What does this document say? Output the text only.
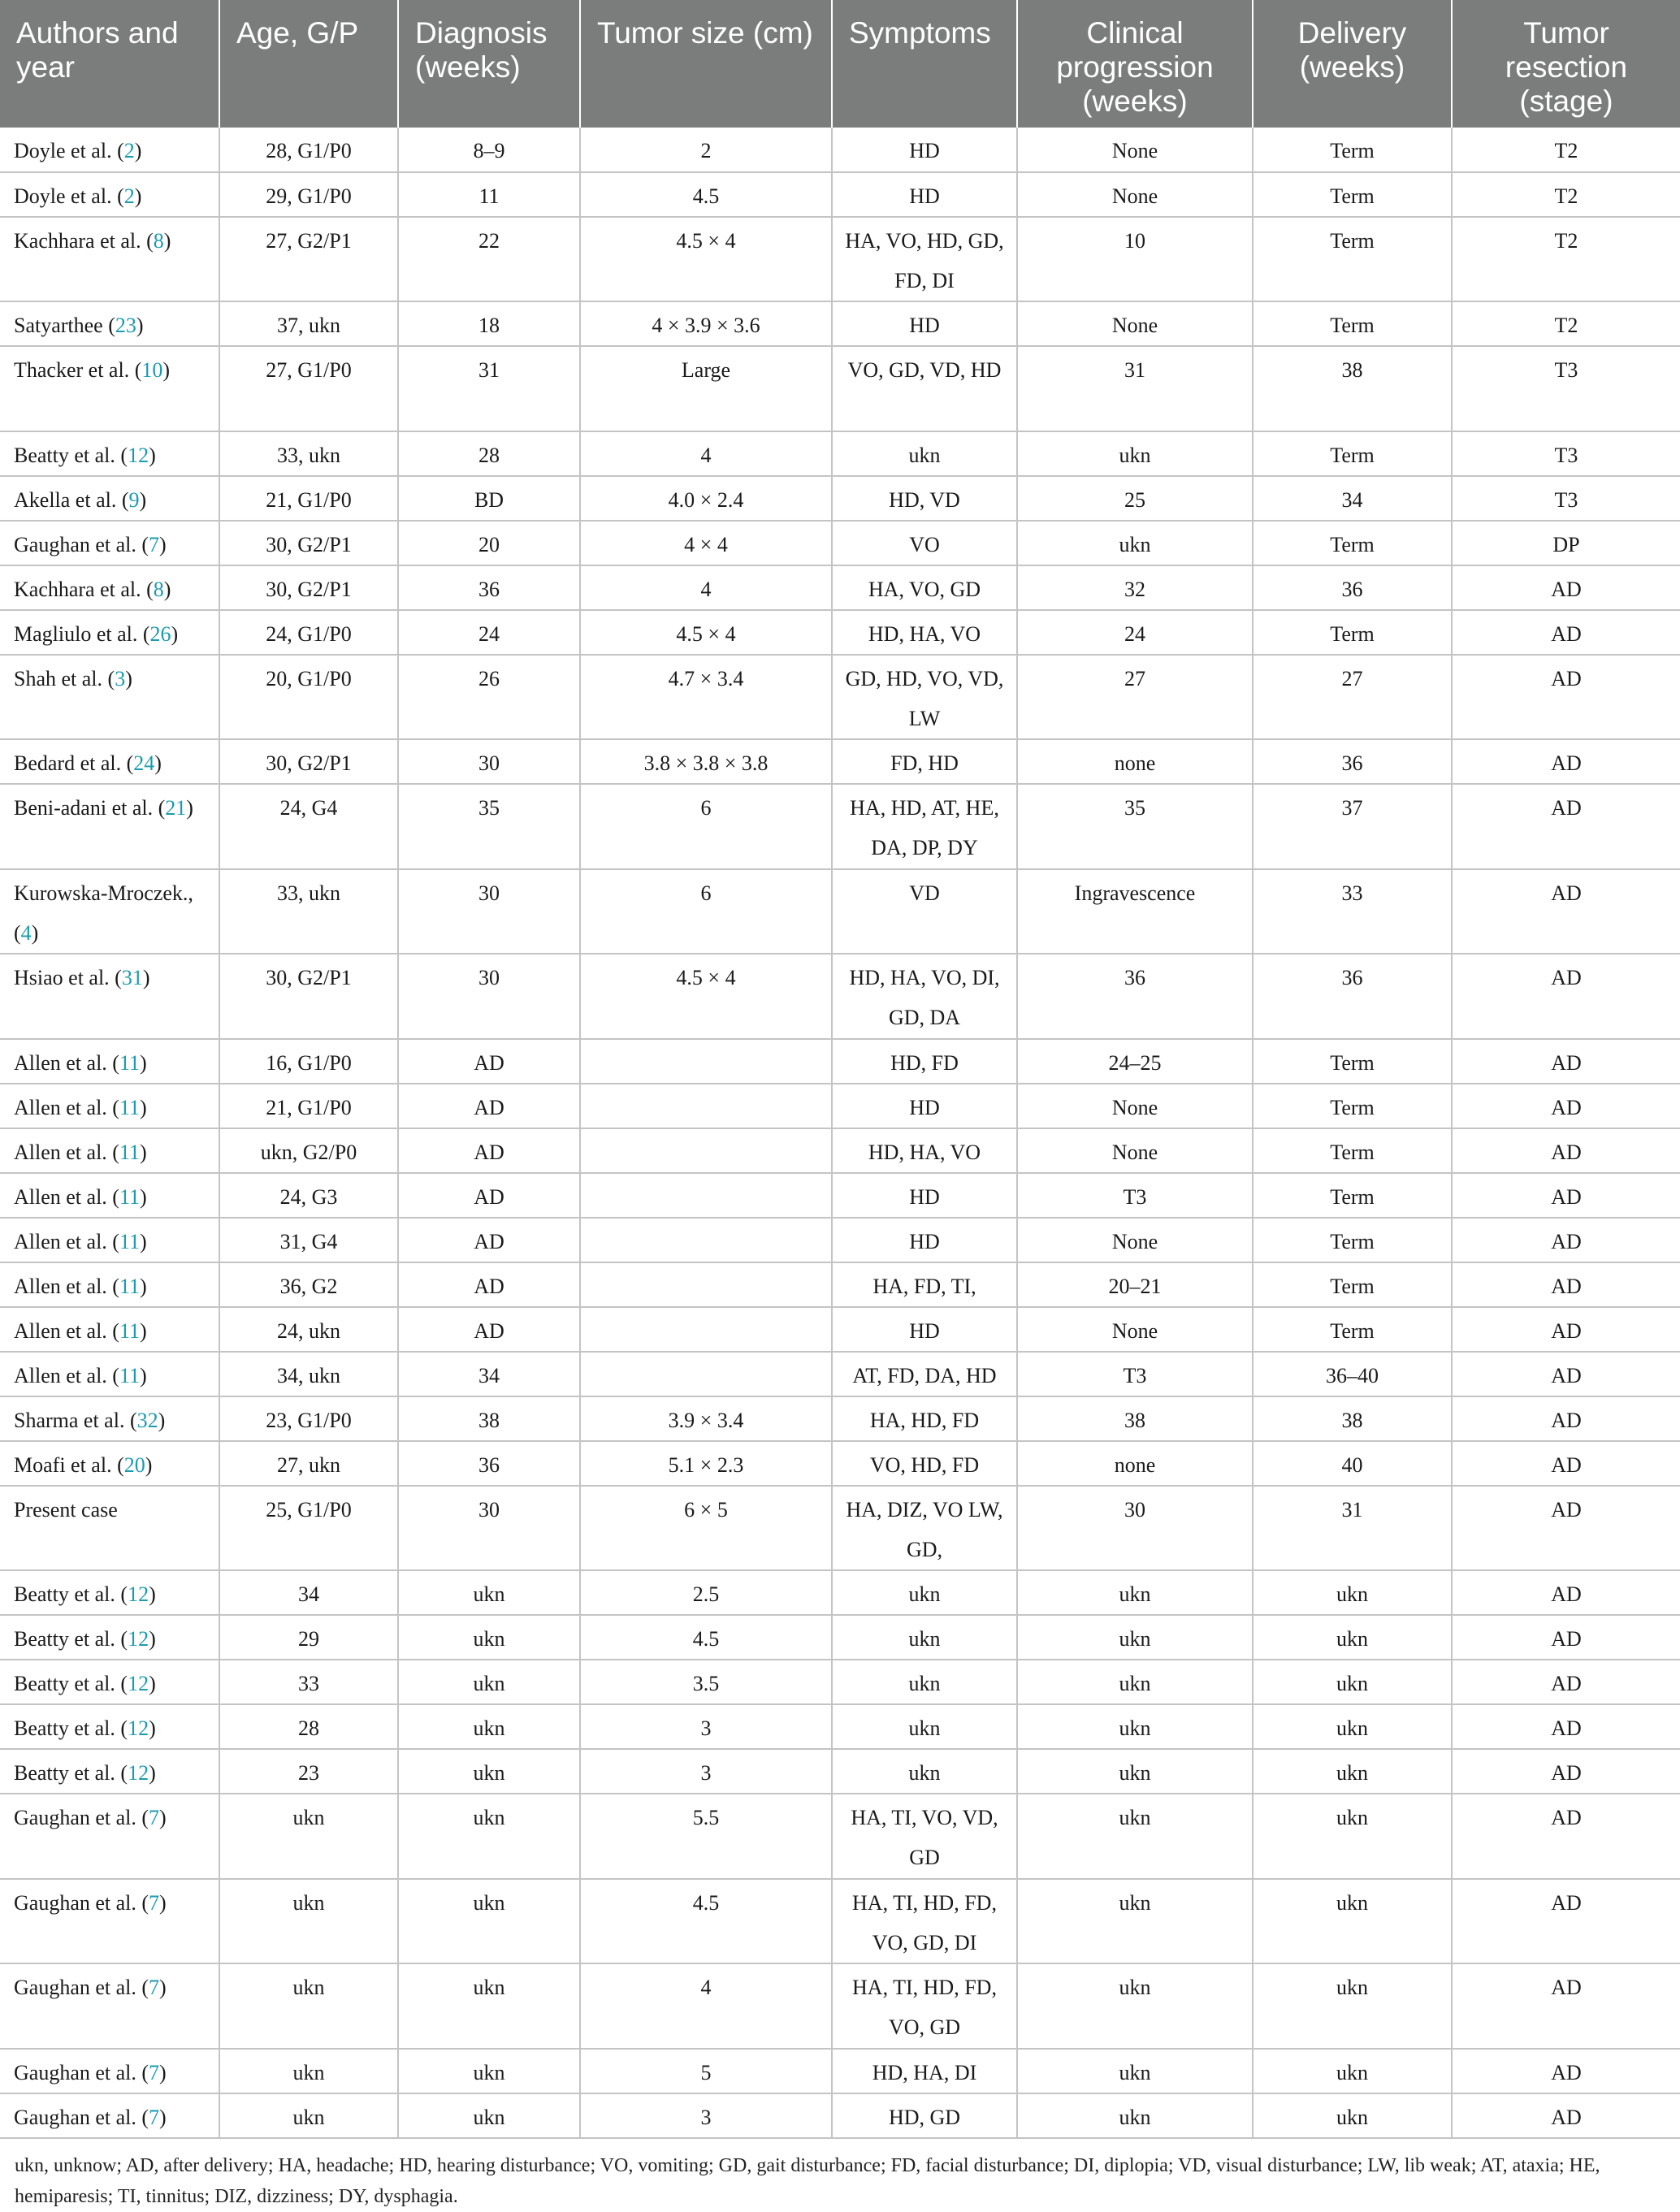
Authors and year	Age, G/P	Diagnosis (weeks)	Tumor size (cm)	Symptoms	Clinical progression (weeks)	Delivery (weeks)	Tumor resection (stage)
Doyle et al. (2)	28, G1/P0	8–9	2	HD	None	Term	T2
Doyle et al. (2)	29, G1/P0	11	4.5	HD	None	Term	T2
Kachhara et al. (8)	27, G2/P1	22	4.5 × 4	HA, VO, HD, GD, FD, DI	10	Term	T2
Satyarthee (23)	37, ukn	18	4 × 3.9 × 3.6	HD	None	Term	T2
Thacker et al. (10)	27, G1/P0	31	Large	VO, GD, VD, HD	31	38	T3
Beatty et al. (12)	33, ukn	28	4	ukn	ukn	Term	T3
Akella et al. (9)	21, G1/P0	BD	4.0 × 2.4	HD, VD	25	34	T3
Gaughan et al. (7)	30, G2/P1	20	4 × 4	VO	ukn	Term	DP
Kachhara et al. (8)	30, G2/P1	36	4	HA, VO, GD	32	36	AD
Magliulo et al. (26)	24, G1/P0	24	4.5 × 4	HD, HA, VO	24	Term	AD
Shah et al. (3)	20, G1/P0	26	4.7 × 3.4	GD, HD, VO, VD, LW	27	27	AD
Bedard et al. (24)	30, G2/P1	30	3.8 × 3.8 × 3.8	FD, HD	none	36	AD
Beni-adani et al. (21)	24, G4	35	6	HA, HD, AT, HE, DA, DP, DY	35	37	AD
Kurowska-Mroczek., (4)	33, ukn	30	6	VD	Ingravescence	33	AD
Hsiao et al. (31)	30, G2/P1	30	4.5 × 4	HD, HA, VO, DI, GD, DA	36	36	AD
Allen et al. (11)	16, G1/P0	AD		HD, FD	24–25	Term	AD
Allen et al. (11)	21, G1/P0	AD		HD	None	Term	AD
Allen et al. (11)	ukn, G2/P0	AD		HD, HA, VO	None	Term	AD
Allen et al. (11)	24, G3	AD		HD	T3	Term	AD
Allen et al. (11)	31, G4	AD		HD	None	Term	AD
Allen et al. (11)	36, G2	AD		HA, FD, TI,	20–21	Term	AD
Allen et al. (11)	24, ukn	AD		HD	None	Term	AD
Allen et al. (11)	34, ukn	34		AT, FD, DA, HD	T3	36–40	AD
Sharma et al. (32)	23, G1/P0	38	3.9 × 3.4	HA, HD, FD	38	38	AD
Moafi et al. (20)	27, ukn	36	5.1 × 2.3	VO, HD, FD	none	40	AD
Present case	25, G1/P0	30	6 × 5	HA, DIZ, VO LW, GD,	30	31	AD
Beatty et al. (12)	34	ukn	2.5	ukn	ukn	ukn	AD
Beatty et al. (12)	29	ukn	4.5	ukn	ukn	ukn	AD
Beatty et al. (12)	33	ukn	3.5	ukn	ukn	ukn	AD
Beatty et al. (12)	28	ukn	3	ukn	ukn	ukn	AD
Beatty et al. (12)	23	ukn	3	ukn	ukn	ukn	AD
Gaughan et al. (7)	ukn	ukn	5.5	HA, TI, VO, VD, GD	ukn	ukn	AD
Gaughan et al. (7)	ukn	ukn	4.5	HA, TI, HD, FD, VO, GD, DI	ukn	ukn	AD
Gaughan et al. (7)	ukn	ukn	4	HA, TI, HD, FD, VO, GD	ukn	ukn	AD
Gaughan et al. (7)	ukn	ukn	5	HD, HA, DI	ukn	ukn	AD
Gaughan et al. (7)	ukn	ukn	3	HD, GD	ukn	ukn	AD
ukn, unknow; AD, after delivery; HA, headache; HD, hearing disturbance; VO, vomiting; GD, gait disturbance; FD, facial disturbance; DI, diplopia; VD, visual disturbance; LW, lib weak; AT, ataxia; HE, hemiparesis; TI, tinnitus; DIZ, dizziness; DY, dysphagia.
